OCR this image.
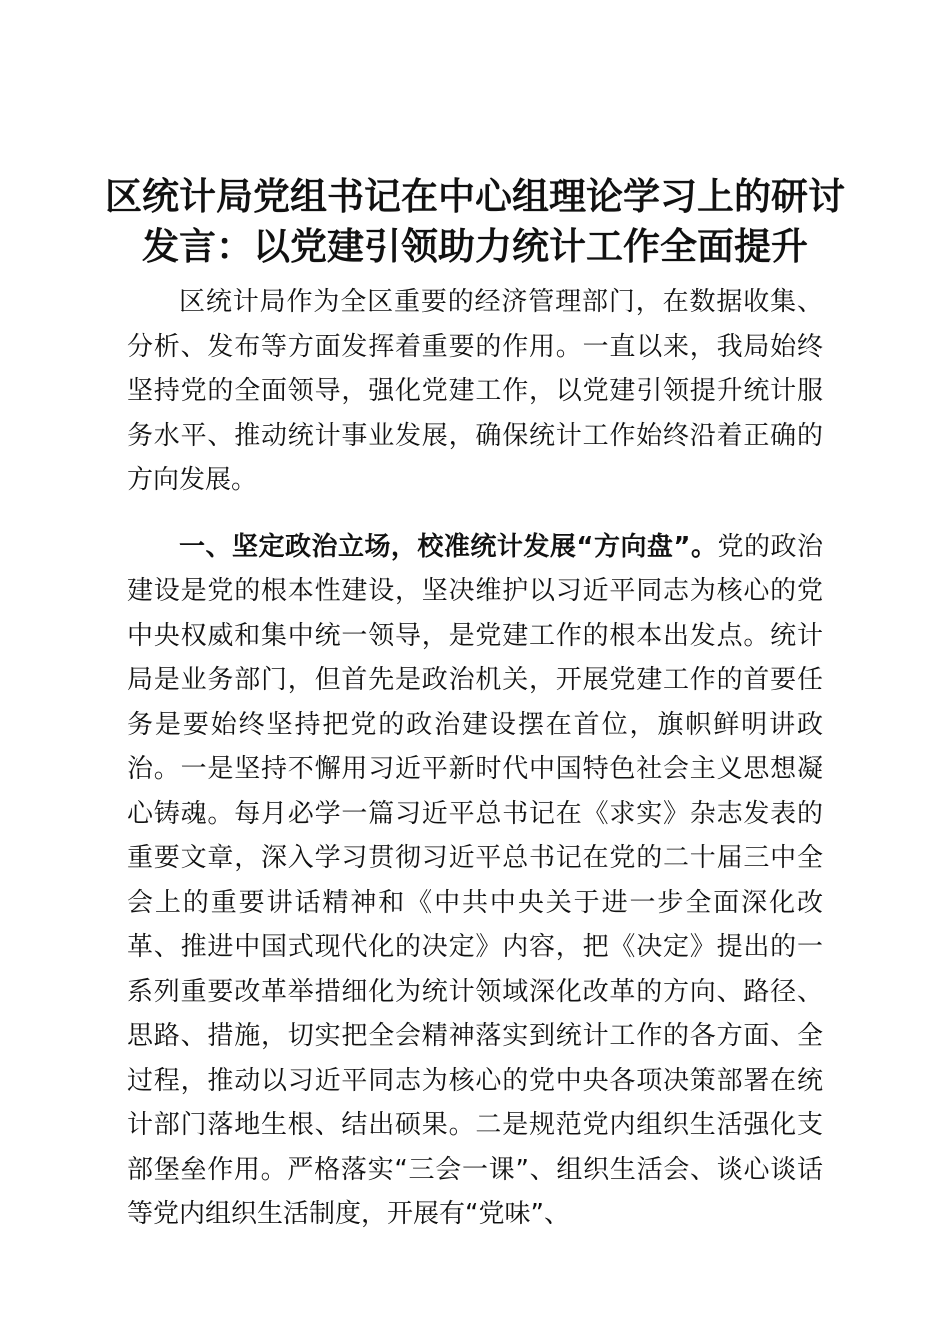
区统计局党组书记在中心组理论学习上的研讨发言：以党建引领助力统计工作全面提升

区统计局作为全区重要的经济管理部门，在数据收集、分析、发布等方面发挥着重要的作用。一直以来，我局始终坚持党的全面领导，强化党建工作，以党建引领提升统计服务水平、推动统计事业发展，确保统计工作始终沿着正确的方向发展。

一、坚定政治立场，校准统计发展“方向盘”。党的政治建设是党的根本性建设，坚决维护以习近平同志为核心的党中央权威和集中统一领导，是党建工作的根本出发点。统计局是业务部门，但首先是政治机关，开展党建工作的首要任务是要始终坚持把党的政治建设摆在首位，旗帜鲜明讲政治。一是坚持不懈用习近平新时代中国特色社会主义思想凝心铸魂。每月必学一篇习近平总书记在《求实》杂志发表的重要文章，深入学习贯彻习近平总书记在党的二十届三中全会上的重要讲话精神和《中共中央关于进一步全面深化改革、推进中国式现代化的决定》内容，把《决定》提出的一系列重要改革举措细化为统计领域深化改革的方向、路径、思路、措施，切实把全会精神落实到统计工作的各方面、全过程，推动以习近平同志为核心的党中央各项决策部署在统计部门落地生根、结出硕果。二是规范党内组织生活强化支部堡垒作用。严格落实“三会一课”、组织生活会、谈心谈话等党内组织生活制度，开展有“党味”、
